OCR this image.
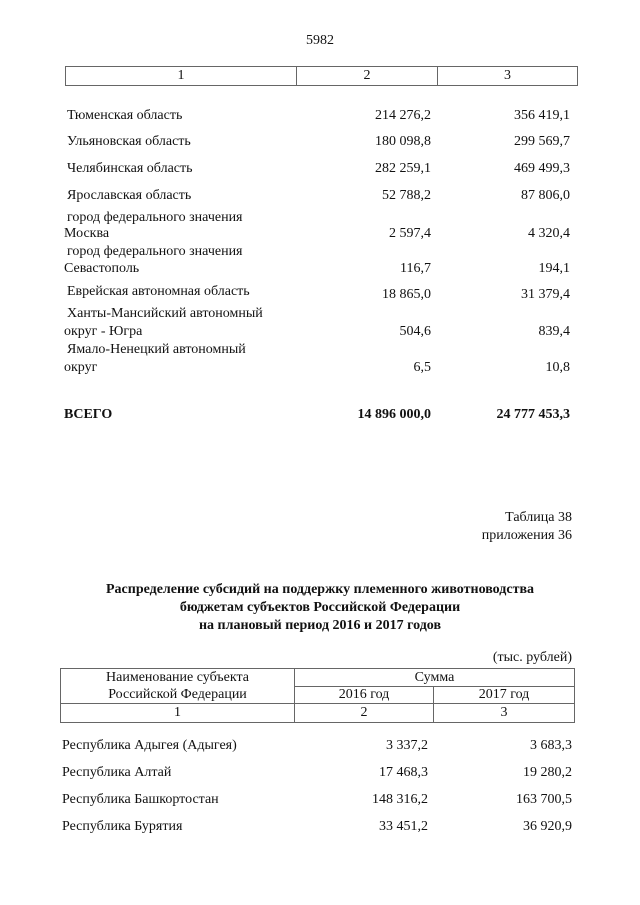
5982
1	2	3
Тюменская область	214 276,2	356 419,1
Ульяновская область	180 098,8	299 569,7
Челябинская область	282 259,1	469 499,3
Ярославская область	52 788,2	87 806,0
город федерального значения
Москва	2 597,4	4 320,4
город федерального значения
Севастополь	116,7	194,1
Еврейская автономная область	18 865,0	31 379,4
Ханты-Мансийский автономный
округ - Югра	504,6	839,4
Ямало-Ненецкий автономный
округ	6,5	10,8
ВСЕГО	14 896 000,0	24 777 453,3
Таблица 38
приложения 36
Распределение субсидий на поддержку племенного животноводства
бюджетам субъектов Российской Федерации
на плановый период 2016 и 2017 годов
(тыс. рублей)
Наименование субъекта
Российской Федерации	Сумма	
	2016 год	2017 год
1	2	3
Республика Адыгея (Адыгея)	3 337,2	3 683,3
Республика Алтай	17 468,3	19 280,2
Республика Башкортостан	148 316,2	163 700,5
Республика Бурятия	33 451,2	36 920,9
